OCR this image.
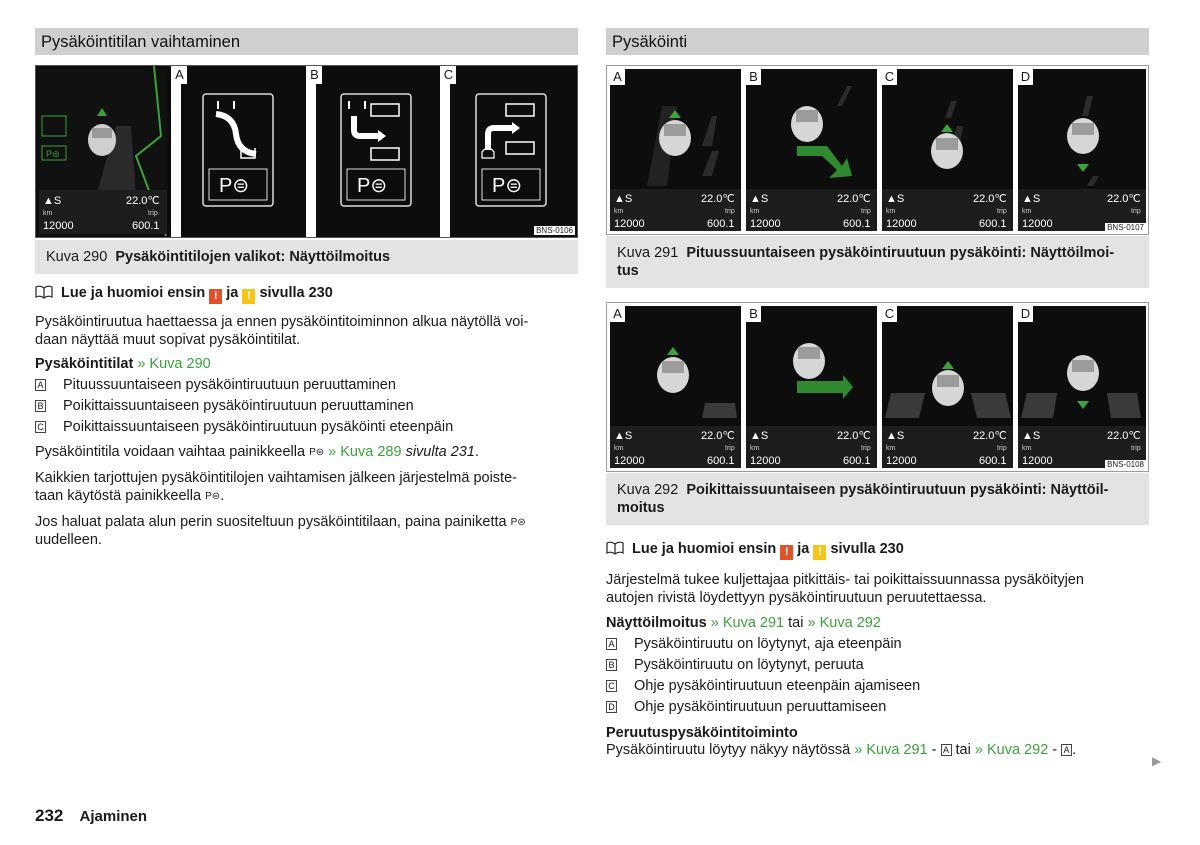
Pysäköintitilan vaihtaminen
P⊜
▲S	22.0℃
km	trip
12000	600.1
P⊜	P⊜	P⊜
A	B	C
BNS-0106
Kuva 290 Pysäköintitilojen valikot: Näyttöilmoitus
Lue ja huomioi ensin ! ja ! sivulla 230

Pysäköintiruutua haettaessa ja ennen pysäköintitoiminnon alkua näytöllä voi-
daan näyttää muut sopivat pysäköintitilat.

Pysäköintitilat » Kuva 290

A Pituussuuntaiseen pysäköintiruutuun peruuttaminen
B Poikittaissuuntaiseen pysäköintiruutuun peruuttaminen
C Poikittaissuuntaiseen pysäköintiruutuun pysäköinti eteenpäin

Pysäköintitila voidaan vaihtaa painikkeella P⊜ » Kuva 289 sivulta 231.

Kaikkien tarjottujen pysäköintitilojen vaihtamisen jälkeen järjestelmä poiste-
taan käytöstä painikkeella P⊜.

Jos haluat palata alun perin suositeltuun pysäköintitilaan, paina painiketta P⊜
uudelleen.

Pysäköinti
▲S	22.0℃
km	trip
12000	600.1
▲S	22.0℃
km	trip
12000	600.1
▲S	22.0℃
km	trip
12000	600.1
▲S	22.0℃
km	trip
12000
A	B	C	D
BNS-0107
Kuva 291 Pituussuuntaiseen pysäköintiruutuun pysäköinti: Näyttöilmoi-
tus
▲S	22.0℃
km	trip
12000	600.1
▲S	22.0℃
km	trip
12000	600.1
▲S	22.0℃
km	trip
12000	600.1
▲S	22.0℃
km	trip
12000
A	B	C	D
BNS-0108
Kuva 292 Poikittaissuuntaiseen pysäköintiruutuun pysäköinti: Näyttöil-
moitus
Lue ja huomioi ensin ! ja ! sivulla 230

Järjestelmä tukee kuljettajaa pitkittäis- tai poikittaissuunnassa pysäköityjen
autojen rivistä löydettyyn pysäköintiruutuun peruutettaessa.

Näyttöilmoitus » Kuva 291 tai » Kuva 292

A Pysäköintiruutu on löytynyt, aja eteenpäin
B Pysäköintiruutu on löytynyt, peruuta
C Ohje pysäköintiruutuun eteenpäin ajamiseen
D Ohje pysäköintiruutuun peruuttamiseen

Peruutuspysäköintitoiminto

Pysäköintiruutu löytyy näkyy näytössä » Kuva 291 - A tai » Kuva 292 - A .

▶
232 Ajaminen
